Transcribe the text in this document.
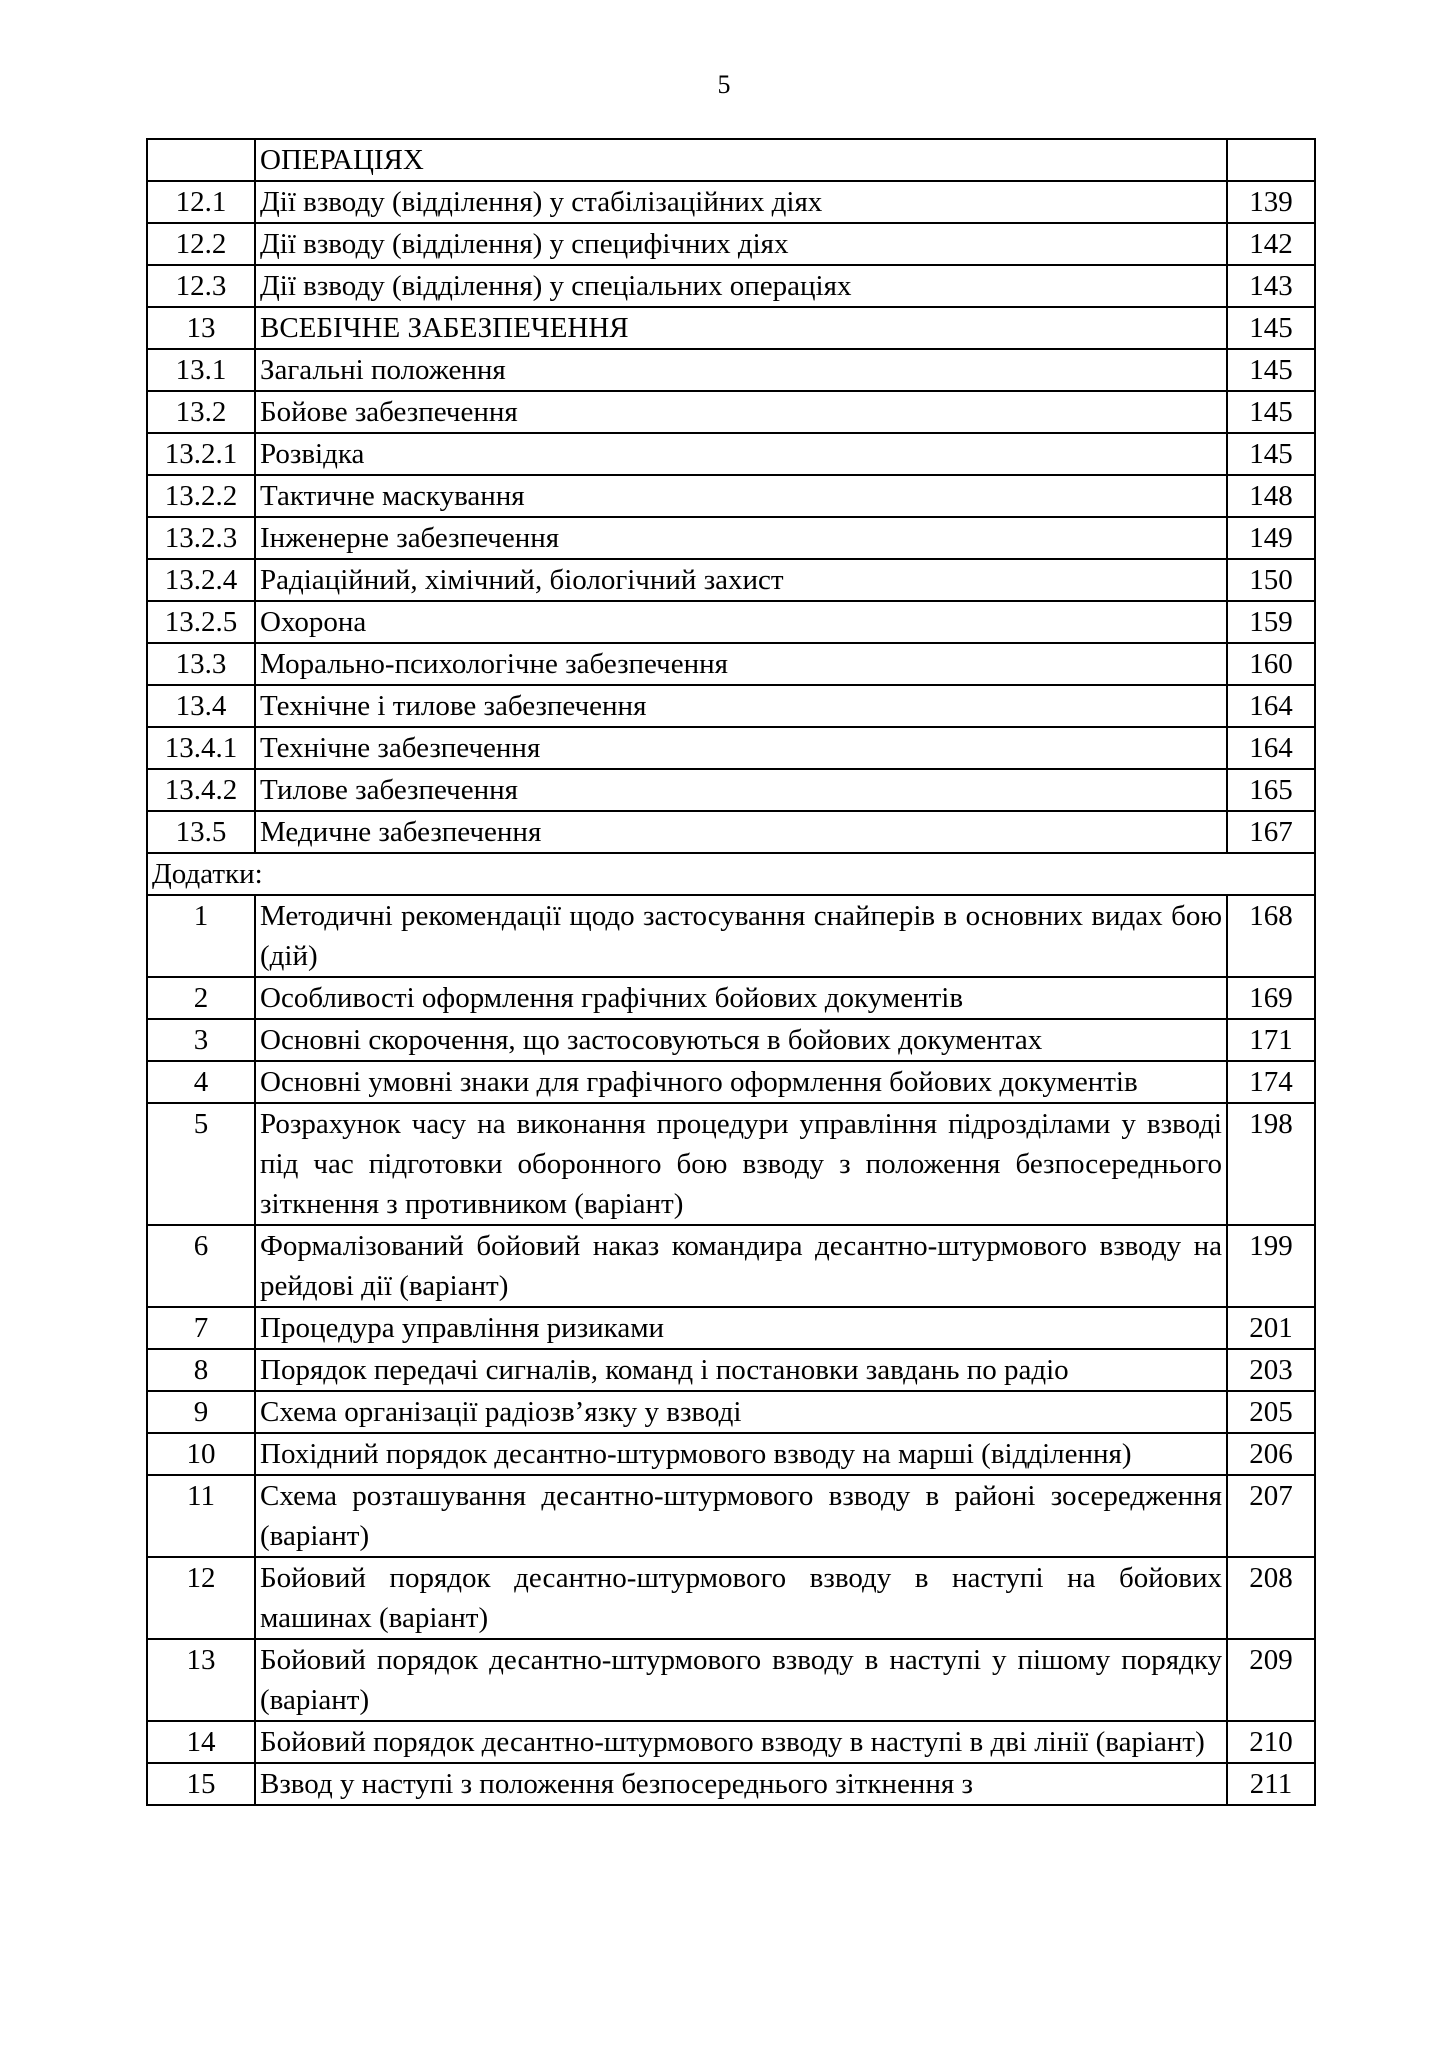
5
	ОПЕРАЦІЯХ	
12.1	Дії взводу (відділення) у стабілізаційних діях	139
12.2	Дії взводу (відділення) у специфічних діях	142
12.3	Дії взводу (відділення) у спеціальних операціях	143
13	ВСЕБІЧНЕ ЗАБЕЗПЕЧЕННЯ	145
13.1	Загальні положення	145
13.2	Бойове забезпечення	145
13.2.1	Розвідка	145
13.2.2	Тактичне маскування	148
13.2.3	Інженерне забезпечення	149
13.2.4	Радіаційний, хімічний, біологічний захист	150
13.2.5	Охорона	159
13.3	Морально-психологічне забезпечення	160
13.4	Технічне і тилове забезпечення	164
13.4.1	Технічне забезпечення	164
13.4.2	Тилове забезпечення	165
13.5	Медичне забезпечення	167
Додатки:		
1	Методичні рекомендації щодо застосування снайперів в основних видах бою (дій)	168
2	Особливості оформлення графічних бойових документів	169
3	Основні скорочення, що застосовуються в бойових документах	171
4	Основні умовні знаки для графічного оформлення бойових документів	174
5	Розрахунок часу на виконання процедури управління підрозділами у взводі під час підготовки оборонного бою взводу з положення безпосереднього зіткнення з противником (варіант)	198
6	Формалізований бойовий наказ командира десантно-штурмового взводу на рейдові дії (варіант)	199
7	Процедура управління ризиками	201
8	Порядок передачі сигналів, команд і постановки завдань по радіо	203
9	Схема організації радіозв’язку у взводі	205
10	Похідний порядок десантно-штурмового взводу на марші (відділення)	206
11	Схема розташування десантно-штурмового взводу в районі зосередження (варіант)	207
12	Бойовий порядок десантно-штурмового взводу в наступі на бойових машинах (варіант)	208
13	Бойовий порядок десантно-штурмового взводу в наступі у пішому порядку (варіант)	209
14	Бойовий порядок десантно-штурмового взводу в наступі в дві лінії (варіант)	210
15	Взвод у наступі з положення безпосереднього зіткнення з	211
